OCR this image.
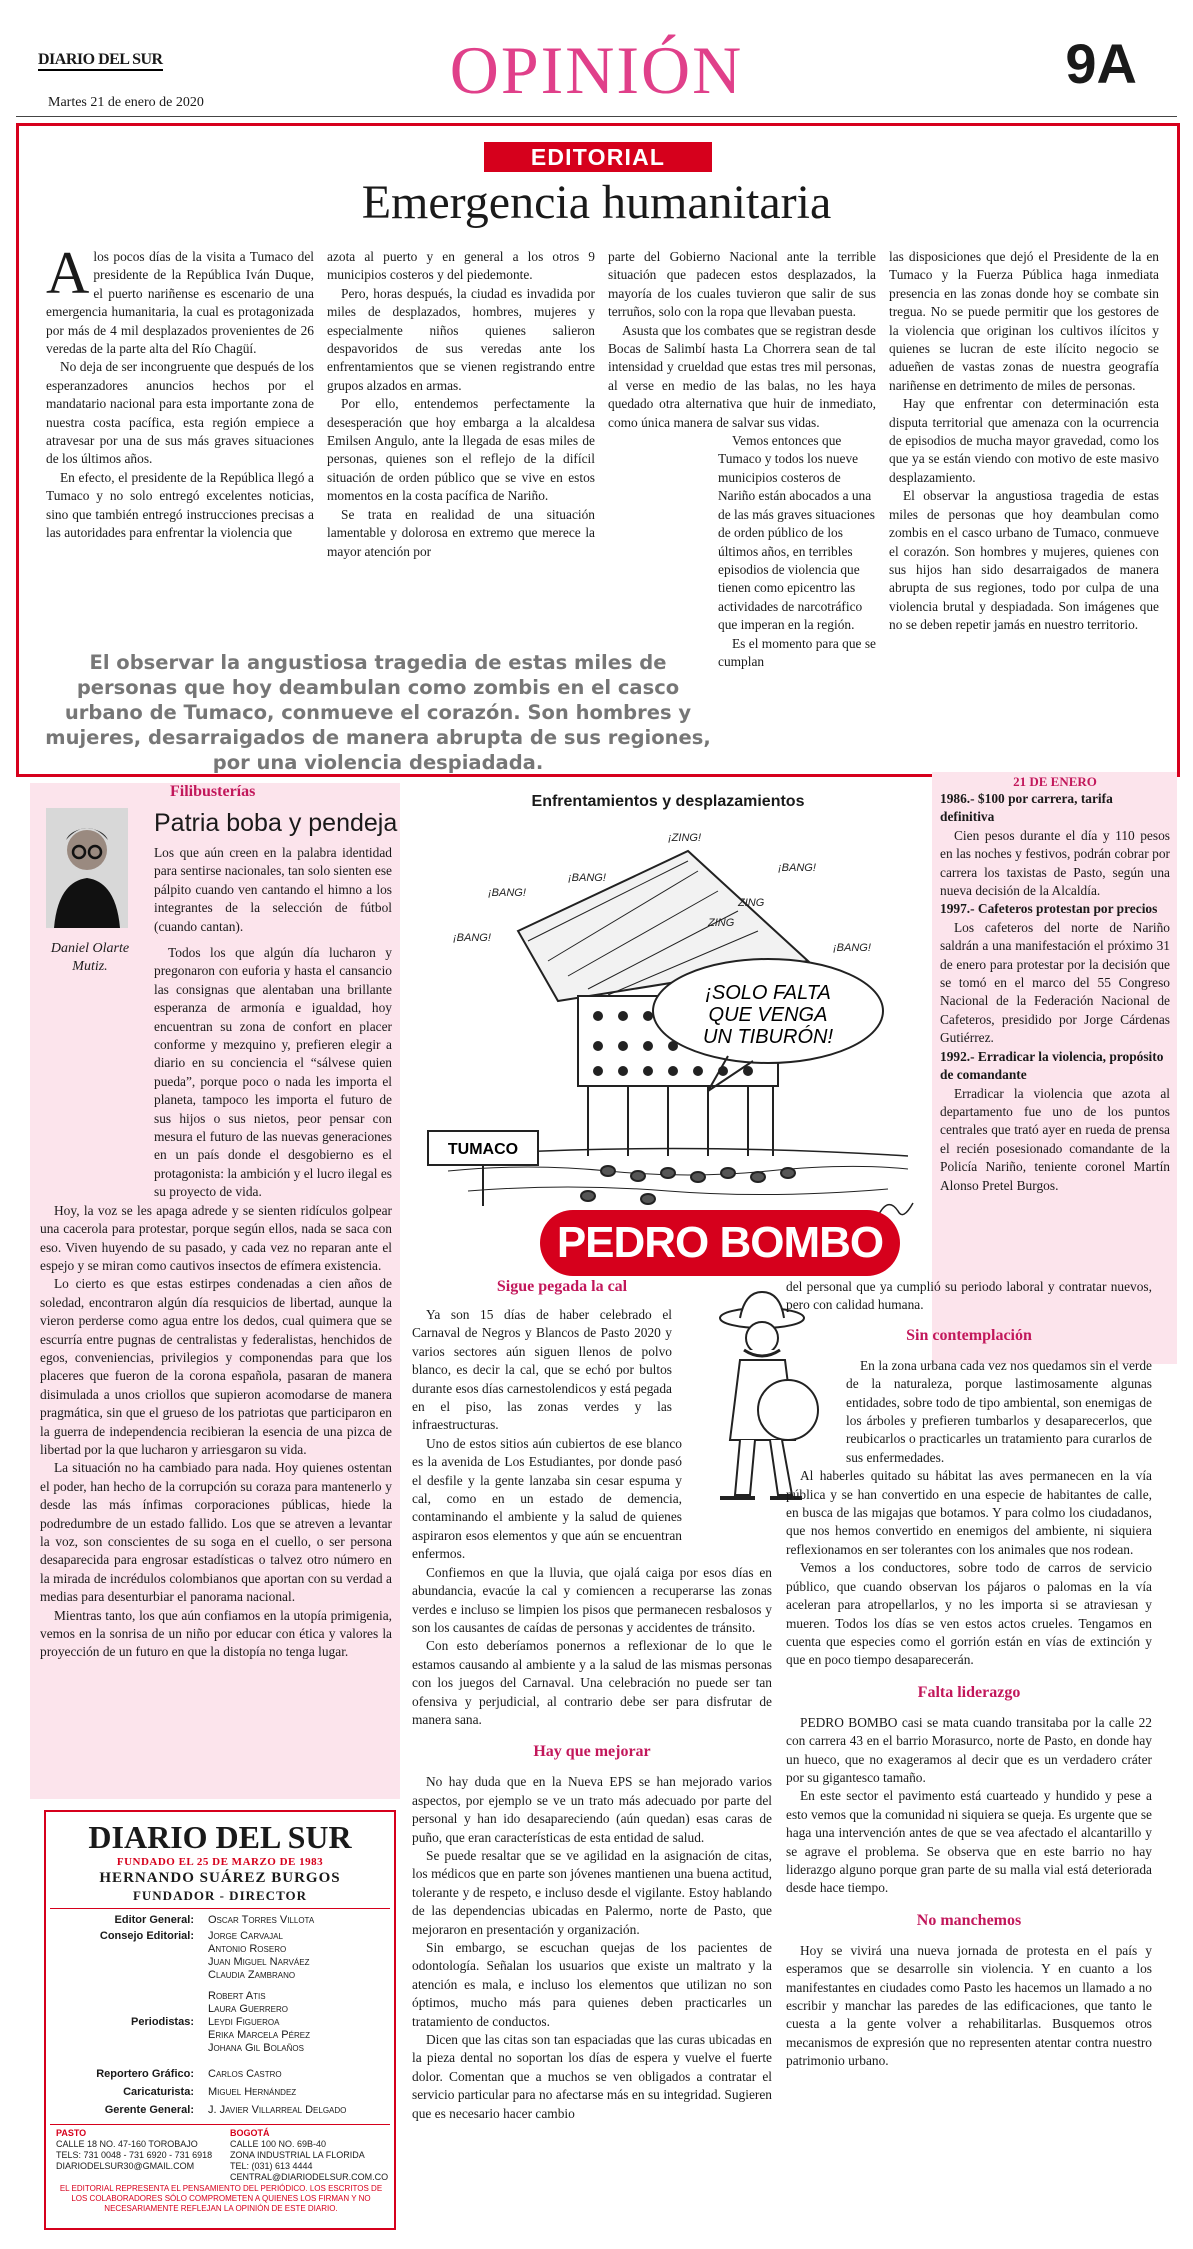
DIARIO DEL SUR	OPINIÓN	9A
Martes 21 de enero de 2020
EDITORIAL
Emergencia humanitaria

Alos pocos días de la visita a Tumaco del presidente de la República Iván Duque, el puerto nariñense es escenario de una emergencia humanitaria, la cual es protagonizada por más de 4 mil desplazados provenientes de 26 veredas de la parte alta del Río Chagüí.

No deja de ser incongruente que después de los esperanzadores anuncios hechos por el mandatario nacional para esta importante zona de nuestra costa pacífica, esta región empiece a atravesar por una de sus más graves situaciones de los últimos años.

En efecto, el presidente de la República llegó a Tumaco y no solo entregó excelentes noticias, sino que también entregó instrucciones precisas a las autoridades para enfrentar la violencia que

azota al puerto y en general a los otros 9 municipios costeros y del piedemonte.

Pero, horas después, la ciudad es invadida por miles de desplazados, hombres, mujeres y especialmente niños quienes salieron despavoridos de sus veredas ante los enfrentamientos que se vienen registrando entre grupos alzados en armas.

Por ello, entendemos perfectamente la desesperación que hoy embarga a la alcaldesa Emilsen Angulo, ante la llegada de esas miles de personas, quienes son el reflejo de la difícil situación de orden público que se vive en estos momentos en la costa pacífica de Nariño.

Se trata en realidad de una situación lamentable y dolorosa en extremo que merece la mayor atención por

parte del Gobierno Nacional ante la terrible situación que padecen estos desplazados, la mayoría de los cuales tuvieron que salir de sus terruños, solo con la ropa que llevaban puesta.

Asusta que los combates que se registran desde Bocas de Salimbí hasta La Chorrera sean de tal intensidad y crueldad que estas tres mil personas, al verse en medio de las balas, no les haya quedado otra alternativa que huir de inmediato, como única manera de salvar sus vidas.

Vemos entonces que Tumaco y todos los nueve municipios costeros de Nariño están abocados a una de las más graves situaciones de orden público de los últimos años, en terribles episodios de violencia que tienen como epicentro las actividades de narcotráfico que imperan en la región.

Es el momento para que se cumplan

las disposiciones que dejó el Presidente de la en Tumaco y la Fuerza Pública haga inmediata presencia en las zonas donde hoy se combate sin tregua. No se puede permitir que los gestores de la violencia que originan los cultivos ilícitos y quienes se lucran de este ilícito negocio se adueñen de vastas zonas de nuestra geografía nariñense en detrimento de miles de personas.

Hay que enfrentar con determinación esta disputa territorial que amenaza con la ocurrencia de episodios de mucha mayor gravedad, como los que ya se están viendo con motivo de este masivo desplazamiento.

El observar la angustiosa tragedia de estas miles de personas que hoy deambulan como zombis en el casco urbano de Tumaco, conmueve el corazón. Son hombres y mujeres, quienes con sus hijos han sido desarraigados de manera abrupta de sus regiones, todo por culpa de una violencia brutal y despiadada. Son imágenes que no se deben repetir jamás en nuestro territorio.

El observar la angustiosa tragedia de estas miles de personas que hoy deambulan como zombis en el casco urbano de Tumaco, conmueve el corazón. Son hombres y mujeres, desarraigados de manera abrupta de sus regiones, por una violencia despiadada.
Filibusterías
Patria boba y pendeja
Daniel Olarte Mutiz.

Los que aún creen en la palabra identidad para sentirse nacionales, tan solo sienten ese pálpito cuando ven cantando el himno a los integrantes de la selección de fútbol (cuando cantan).

Todos los que algún día lucharon y pregonaron con euforia y hasta el cansancio las consignas que alentaban una brillante esperanza de armonía e igualdad, hoy encuentran su zona de confort en placer conforme y mezquino y, prefieren elegir a diario en su conciencia el “sálvese quien pueda”, porque poco o nada les importa el planeta, tampoco les importa el futuro de sus hijos o sus nietos, peor pensar con mesura el futuro de las nuevas generaciones en un país donde el desgobierno es el protagonista: la ambición y el lucro ilegal es su proyecto de vida.

Hoy, la voz se les apaga adrede y se sienten ridículos golpear una cacerola para protestar, porque según ellos, nada se saca con eso. Viven huyendo de su pasado, y cada vez no reparan ante el espejo y se miran como cautivos insectos de efímera existencia.

Lo cierto es que estas estirpes condenadas a cien años de soledad, encontraron algún día resquicios de libertad, aunque la vieron perderse como agua entre los dedos, cual quimera que se escurría entre pugnas de centralistas y federalistas, henchidos de egos, conveniencias, privilegios y componendas para que los placeres que fueron de la corona española, pasaran de manera disimulada a unos criollos que supieron acomodarse de manera pragmática, sin que el grueso de los patriotas que participaron en la guerra de independencia recibieran la esencia de una pizca de libertad por la que lucharon y arriesgaron su vida.

La situación no ha cambiado para nada. Hoy quienes ostentan el poder, han hecho de la corrupción su coraza para mantenerlo y desde las más ínfimas corporaciones públicas, hiede la podredumbre de un estado fallido. Los que se atreven a levantar la voz, son conscientes de su soga en el cuello, o ser persona desaparecida para engrosar estadísticas o talvez otro número en la mirada de incrédulos colombianos que aportan con su verdad a medias para desenturbiar el panorama nacional.

Mientras tanto, los que aún confiamos en la utopía primigenia, vemos en la sonrisa de un niño por educar con ética y valores la proyección de un futuro en que la distopía no tenga lugar.

Enfrentamientos y desplazamientos
¡SOLO FALTA QUE VENGA UN TIBURÓN!
TUMACO
¡ZING!
¡BANG!
¡BANG!
¡BANG!
ZING
ZING
¡BANG!
¡BANG!
PEDRO BOMBO
21 DE ENERO

1986.- $100 por carrera, tarifa definitiva

Cien pesos durante el día y 110 pesos en las noches y festivos, podrán cobrar por carrera los taxistas de Pasto, según una nueva decisión de la Alcaldía.

1997.- Cafeteros protestan por precios

Los cafeteros del norte de Nariño saldrán a una manifestación el próximo 31 de enero para protestar por la decisión que se tomó en el marco del 55 Congreso Nacional de la Federación Nacional de Cafeteros, presidido por Jorge Cárdenas Gutiérrez.

1992.- Erradicar la violencia, propósito de comandante

Erradicar la violencia que azota al departamento fue uno de los puntos centrales que trató ayer en rueda de prensa el recién posesionado comandante de la Policía Nariño, teniente coronel Martín Alonso Pretel Burgos.

Sigue pegada la cal

Ya son 15 días de haber celebrado el Carnaval de Negros y Blancos de Pasto 2020 y varios sectores aún siguen llenos de polvo blanco, es decir la cal, que se echó por bultos durante esos días carnestolendicos y está pegada en el piso, las zonas verdes y las infraestructuras.

Uno de estos sitios aún cubiertos de ese blanco es la avenida de Los Estudiantes, por donde pasó el desfile y la gente lanzaba sin cesar espuma y cal, como en un estado de demencia, contaminando el ambiente y la salud de quienes aspiraron esos elementos y que aún se encuentran enfermos.

Confiemos en que la lluvia, que ojalá caiga por esos días en abundancia, evacúe la cal y comiencen a recuperarse las zonas verdes e incluso se limpien los pisos que permanecen resbalosos y son los causantes de caídas de personas y accidentes de tránsito.

Con esto deberíamos ponernos a reflexionar de lo que le estamos causando al ambiente y a la salud de las mismas personas con los juegos del Carnaval. Una celebración no puede ser tan ofensiva y perjudicial, al contrario debe ser para disfrutar de manera sana.

Hay que mejorar

No hay duda que en la Nueva EPS se han mejorado varios aspectos, por ejemplo se ve un trato más adecuado por parte del personal y han ido desapareciendo (aún quedan) esas caras de puño, que eran características de esta entidad de salud.

Se puede resaltar que se ve agilidad en la asignación de citas, los médicos que en parte son jóvenes mantienen una buena actitud, tolerante y de respeto, e incluso desde el vigilante. Estoy hablando de las dependencias ubicadas en Palermo, norte de Pasto, que mejoraron en presentación y organización.

Sin embargo, se escuchan quejas de los pacientes de odontología. Señalan los usuarios que existe un maltrato y la atención es mala, e incluso los elementos que utilizan no son óptimos, mucho más para quienes deben practicarles un tratamiento de conductos.

Dicen que las citas son tan espaciadas que las curas ubicadas en la pieza dental no soportan los días de espera y vuelve el fuerte dolor. Comentan que a muchos se ven obligados a contratar el servicio particular para no afectarse más en su integridad. Sugieren que es necesario hacer cambio

del personal que ya cumplió su periodo laboral y contratar nuevos, pero con calidad humana.

Sin contemplación

En la zona urbana cada vez nos quedamos sin el verde de la naturaleza, porque lastimosamente algunas entidades, sobre todo de tipo ambiental, son enemigas de los árboles y prefieren tumbarlos y desaparecerlos, que reubicarlos o practicarles un tratamiento para curarlos de sus enfermedades.

Al haberles quitado su hábitat las aves permanecen en la vía pública y se han convertido en una especie de habitantes de calle, en busca de las migajas que botamos. Y para colmo los ciudadanos, que nos hemos convertido en enemigos del ambiente, ni siquiera reflexionamos en ser tolerantes con los animales que nos rodean.

Vemos a los conductores, sobre todo de carros de servicio público, que cuando observan los pájaros o palomas en la vía aceleran para atropellarlos, y no les importa si se atraviesan y mueren. Todos los días se ven estos actos crueles. Tengamos en cuenta que especies como el gorrión están en vías de extinción y que en poco tiempo desaparecerán.

Falta liderazgo

PEDRO BOMBO casi se mata cuando transitaba por la calle 22 con carrera 43 en el barrio Morasurco, norte de Pasto, en donde hay un hueco, que no exageramos al decir que es un verdadero cráter por su gigantesco tamaño.

En este sector el pavimento está cuarteado y hundido y pese a esto vemos que la comunidad ni siquiera se queja. Es urgente que se haga una intervención antes de que se vea afectado el alcantarillo y se agrave el problema. Se observa que en este barrio no hay liderazgo alguno porque gran parte de su malla vial está deteriorada desde hace tiempo.

No manchemos

Hoy se vivirá una nueva jornada de protesta en el país y esperamos que se desarrolle sin violencia. Y en cuanto a los manifestantes en ciudades como Pasto les hacemos un llamado a no escribir y manchar las paredes de las edificaciones, que tanto le cuesta a la gente volver a rehabilitarlas. Busquemos otros mecanismos de expresión que no representen atentar contra nuestro patrimonio urbano.

DIARIO DEL SUR
FUNDADO EL 25 DE MARZO DE 1983
HERNANDO SUÁREZ BURGOS
FUNDADOR - DIRECTOR
Editor General: Oscar Torres Villota
Consejo Editorial: Jorge Carvajal
Antonio Rosero
Juan Miguel Narváez
Claudia Zambrano
Periodistas:Robert Atis
Laura Guerrero
Leydi Figueroa
Erika Marcela Pérez
Johana Gil Bolaños
Reportero Gráfico: Carlos Castro
Caricaturista: Miguel Hernández
Gerente General: J. Javier Villarreal Delgado
PASTO
CALLE 18 NO. 47-160 TOROBAJO
TELS: 731 0048 - 731 6920 - 731 6918
DIARIODELSUR30@GMAIL.COM
BOGOTÁ
CALLE 100 NO. 69B-40
ZONA INDUSTRIAL LA FLORIDA
TEL: (031) 613 4444
CENTRAL@DIARIODELSUR.COM.CO
EL EDITORIAL REPRESENTA EL PENSAMIENTO DEL PERIÓDICO. LOS ESCRITOS DE LOS COLABORADORES SÓLO COMPROMETEN A QUIENES LOS FIRMAN Y NO NECESARIAMENTE REFLEJAN LA OPINIÓN DE ESTE DIARIO.
